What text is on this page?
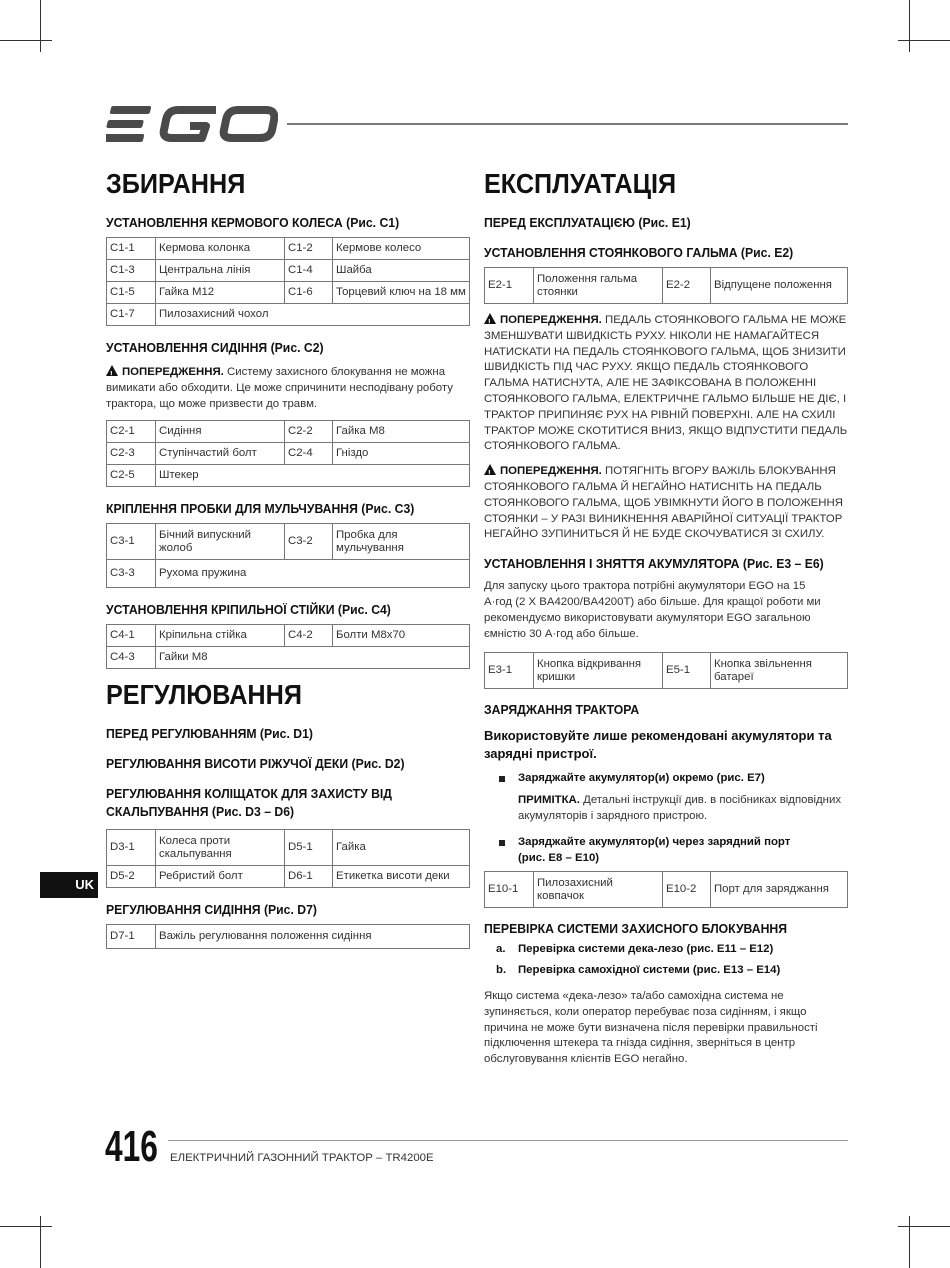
ЗБИРАННЯ
УСТАНОВЛЕННЯ КЕРМОВОГО КОЛЕСА (Рис. C1)
C1-1	Кермова колонка	C1-2	Кермове колесо
C1-3	Центральна лінія	C1-4	Шайба
C1-5	Гайка M12	C1-6	Торцевий ключ на 18 мм
C1-7	Пилозахисний чохол		
УСТАНОВЛЕННЯ СИДІННЯ (Рис. C2)

!ПОПЕРЕДЖЕННЯ. Систему захисного блокування не можна вимикати або обходити. Це може спричинити несподівану роботу трактора, що може призвести до травм.

C2-1	Сидіння	C2-2	Гайка M8
C2-3	Ступінчастий болт	C2-4	Гніздо
C2-5	Штекер		
КРІПЛЕННЯ ПРОБКИ ДЛЯ МУЛЬЧУВАННЯ (Рис. C3)
C3-1	Бічний випускний жолоб	C3-2	Пробка для мульчування
C3-3	Рухома пружина		
УСТАНОВЛЕННЯ КРІПИЛЬНОЇ СТІЙКИ (Рис. C4)
C4-1	Кріпильна стійка	C4-2	Болти M8x70
C4-3	Гайки M8		
РЕГУЛЮВАННЯ
ПЕРЕД РЕГУЛЮВАННЯМ (Рис. D1)
РЕГУЛЮВАННЯ ВИСОТИ РІЖУЧОЇ ДЕКИ (Рис. D2)
РЕГУЛЮВАННЯ КОЛІЩАТОК ДЛЯ ЗАХИСТУ ВІД
СКАЛЬПУВАННЯ (Рис. D3 – D6)
D3-1	Колеса проти скальпування	D5-1	Гайка
D5-2	Ребристий болт	D6-1	Етикетка висоти деки
РЕГУЛЮВАННЯ СИДІННЯ (Рис. D7)
D7-1	Важіль регулювання положення сидіння
ЕКСПЛУАТАЦІЯ
ПЕРЕД ЕКСПЛУАТАЦІЄЮ (Рис. E1)
УСТАНОВЛЕННЯ СТОЯНКОВОГО ГАЛЬМА (Рис. E2)
E2-1	Положення гальма стоянки	E2-2	Відпущене положення

!ПОПЕРЕДЖЕННЯ. ПЕДАЛЬ СТОЯНКОВОГО ГАЛЬМА НЕ МОЖЕ ЗМЕНШУВАТИ ШВИДКІСТЬ РУХУ. НІКОЛИ НЕ НАМАГАЙТЕСЯ НАТИСКАТИ НА ПЕДАЛЬ СТОЯНКОВОГО ГАЛЬМА, ЩОБ ЗНИЗИТИ ШВИДКІСТЬ ПІД ЧАС РУХУ. ЯКЩО ПЕДАЛЬ СТОЯНКОВОГО ГАЛЬМА НАТИСНУТА, АЛЕ НЕ ЗАФІКСОВАНА В ПОЛОЖЕННІ СТОЯНКОВОГО ГАЛЬМА, ЕЛЕКТРИЧНЕ ГАЛЬМО БІЛЬШЕ НЕ ДІЄ, І ТРАКТОР ПРИПИНЯЄ РУХ НА РІВНІЙ ПОВЕРХНІ. АЛЕ НА СХИЛІ ТРАКТОР МОЖЕ СКОТИТИСЯ ВНИЗ, ЯКЩО ВІДПУСТИТИ ПЕДАЛЬ СТОЯНКОВОГО ГАЛЬМА.

!ПОПЕРЕДЖЕННЯ. ПОТЯГНІТЬ ВГОРУ ВАЖІЛЬ БЛОКУВАННЯ СТОЯНКОВОГО ГАЛЬМА Й НЕГАЙНО НАТИСНІТЬ НА ПЕДАЛЬ СТОЯНКОВОГО ГАЛЬМА, ЩОБ УВІМКНУТИ ЙОГО В ПОЛОЖЕННЯ СТОЯНКИ – У РАЗІ ВИНИКНЕННЯ АВАРІЙНОЇ СИТУАЦІЇ ТРАКТОР НЕГАЙНО ЗУПИНИТЬСЯ Й НЕ БУДЕ СКОЧУВАТИСЯ ЗІ СХИЛУ.

УСТАНОВЛЕННЯ І ЗНЯТТЯ АКУМУЛЯТОРА (Рис. E3 – E6)

Для запуску цього трактора потрібні акумулятори EGO на 15 А·год (2 X BA4200/BA4200T) або більше. Для кращої роботи ми рекомендуємо використовувати акумулятори EGO загальною ємністю 30 А·год або більше.

E3-1	Кнопка відкривання кришки	E5-1	Кнопка звільнення батареї
ЗАРЯДЖАННЯ ТРАКТОРА

Використовуйте лише рекомендовані акумулятори та зарядні пристрої.

Заряджайте акумулятор(и) окремо (рис. E7)

ПРИМІТКА. Детальні інструкції див. в посібниках відповідних акумуляторів і зарядного пристрою.

Заряджайте акумулятор(и) через зарядний порт
(рис. E8 – E10)

E10-1	Пилозахисний ковпачок	E10-2	Порт для заряджання
ПЕРЕВІРКА СИСТЕМИ ЗАХИСНОГО БЛОКУВАННЯ

a. Перевірка системи дека-лезо (рис. E11 – E12)

b. Перевірка самохідної системи (рис. E13 – E14)

Якщо система «дека-лезо» та/або самохідна система не зупиняється, коли оператор перебуває поза сидінням, і якщо причина не може бути визначена після перевірки правильності підключення штекера та гнізда сидіння, зверніться в центр обслуговування клієнтів EGO негайно.

UK
416 ЕЛЕКТРИЧНИЙ ГАЗОННИЙ ТРАКТОР – TR4200E
